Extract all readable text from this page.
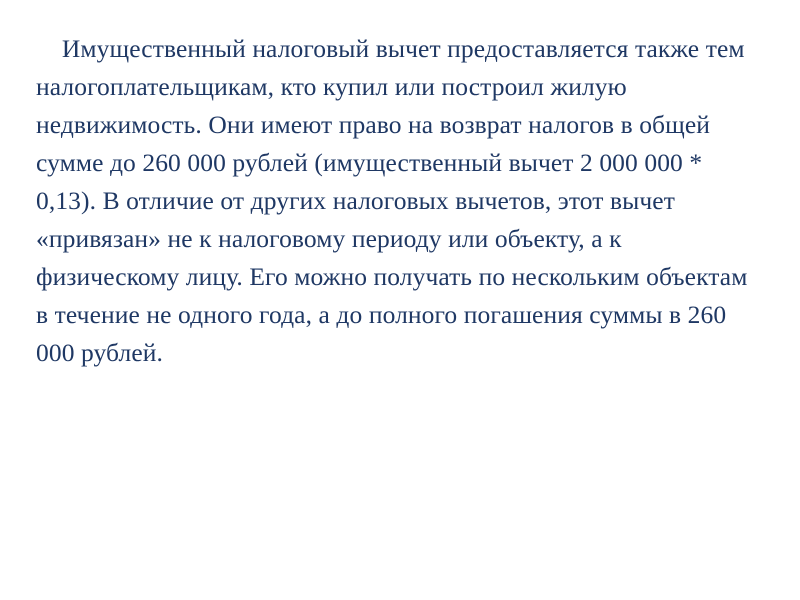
Имущественный налоговый вычет предоставляется также тем налогоплательщикам, кто купил или построил жилую недвижимость. Они имеют право на возврат налогов в общей сумме до 260 000 рублей (имущественный вычет 2 000 000 * 0,13). В отличие от других налоговых вычетов, этот вычет «привязан» не к налоговому периоду или объекту, а к физическому лицу. Его можно получать по нескольким объектам в течение не одного года, а до полного погашения суммы в 260 000 рублей.
